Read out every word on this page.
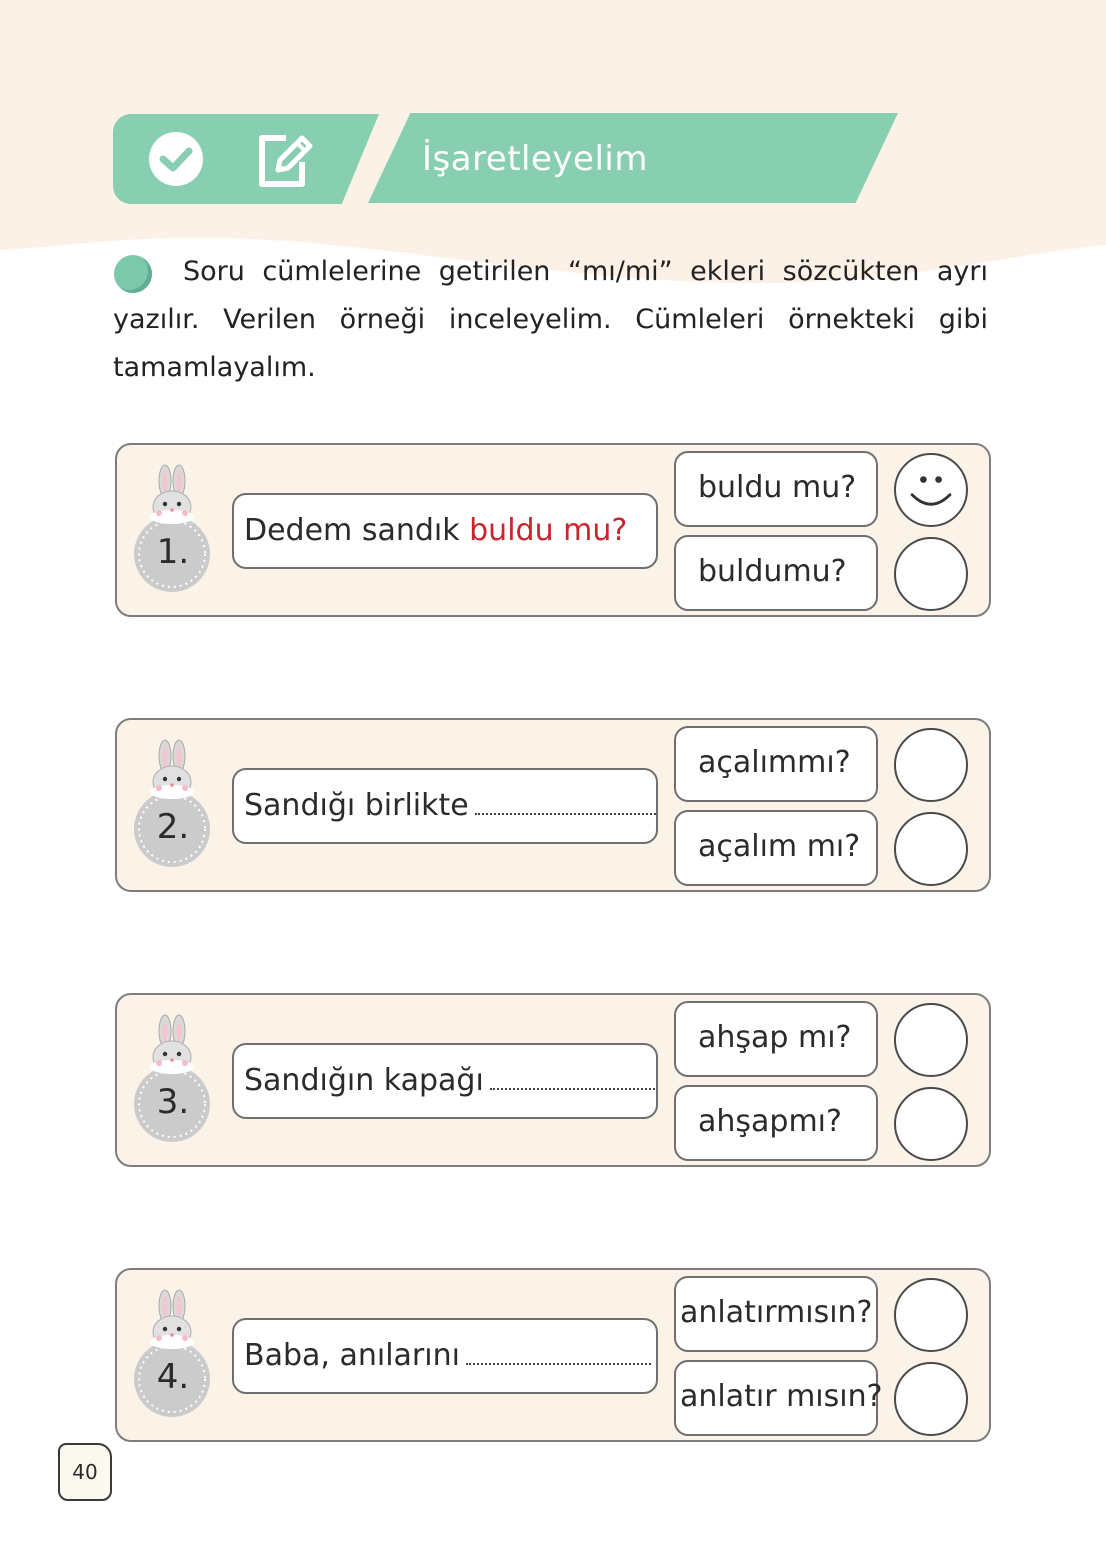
İşaretleyelim
Soru cümlelerine getirilen “mı/mi” ekleri sözcükten ayrı yazılır. Verilen örneği inceleyelim. Cümleleri örnekteki gibi tamamlayalım.
1.
Dedem sandık buldu mu?
buldu mu?
buldumu?
2.
Sandığı birlikte
açalımmı?
açalım mı?
3.
Sandığın kapağı
ahşap mı?
ahşapmı?
4.
Baba, anılarını
anlatırmısın?
anlatır mısın?
40
